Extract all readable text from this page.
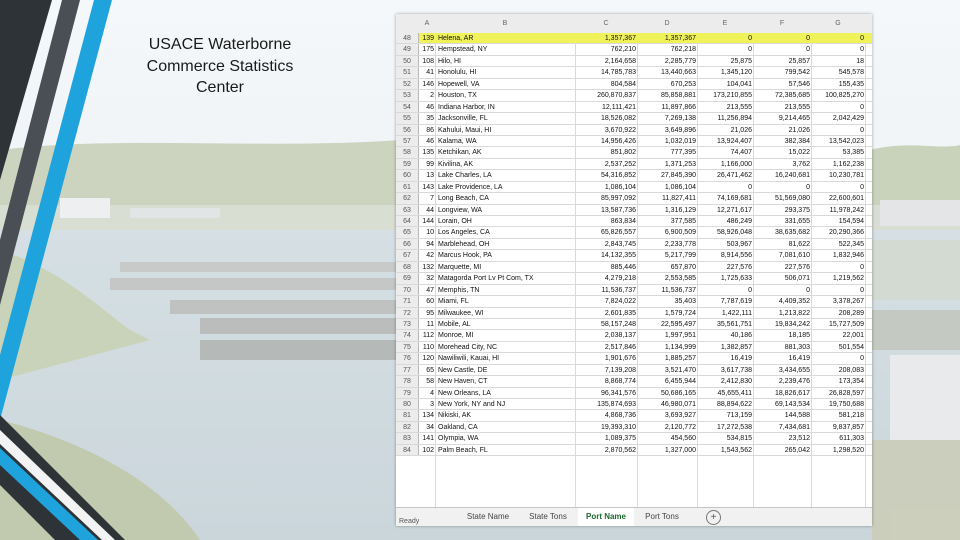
USACE Waterborne
Commerce Statistics
Center
A	B	C	D	E	F	G
48	139 Helena, AR	1,357,367	1,357,367	0	0	0
49	175 Hempstead, NY	762,210	762,218	0	0	0
50	108 Hilo, HI	2,164,658	2,285,779	25,875	25,857	18
51	41 Honolulu, HI	14,785,783	13,440,663	1,345,120	799,542	545,578
52	146 Hopewell, VA	804,584	670,253	104,041	57,546	155,435
53	2 Houston, TX	260,870,837	85,858,881	173,210,855	72,385,685	100,825,270
54	46 Indiana Harbor, IN	12,111,421	11,897,866	213,555	213,555	0
55	35 Jacksonville, FL	18,526,082	7,269,138	11,256,894	9,214,465	2,042,429
56	86 Kahului, Maui, HI	3,670,922	3,649,896	21,026	21,026	0
57	46 Kalama, WA	14,956,426	1,032,019	13,924,407	382,384	13,542,023
58	135 Ketchikan, AK	851,802	777,395	74,407	15,022	53,385
59	99 Kivilina, AK	2,537,252	1,371,253	1,166,000	3,762	1,162,238
60	13 Lake Charles, LA	54,316,852	27,845,390	26,471,462	16,240,681	10,230,781
61	143 Lake Providence, LA	1,086,104	1,086,104	0	0	0
62	7 Long Beach, CA	85,997,092	11,827,411	74,169,681	51,569,080	22,600,601
63	44 Longview, WA	13,587,736	1,316,129	12,271,617	293,375	11,978,242
64	144 Lorain, OH	863,834	377,585	486,249	331,655	154,594
65	10 Los Angeles, CA	65,826,557	6,900,509	58,926,048	38,635,682	20,290,366
66	94 Marblehead, OH	2,843,745	2,233,778	503,967	81,622	522,345
67	42 Marcus Hook, PA	14,132,355	5,217,799	8,914,556	7,081,610	1,832,946
68	132 Marquette, MI	885,446	657,870	227,576	227,576	0
69	32 Matagorda Port Lv Pt Com, TX	4,279,218	2,553,585	1,725,633	506,071	1,219,562
70	47 Memphis, TN	11,536,737	11,536,737	0	0	0
71	60 Miami, FL	7,824,022	35,403	7,787,619	4,409,352	3,378,267
72	95 Milwaukee, WI	2,601,835	1,579,724	1,422,111	1,213,822	208,289
73	11 Mobile, AL	58,157,248	22,595,497	35,561,751	19,834,242	15,727,509
74	112 Monroe, MI	2,038,137	1,997,951	40,186	18,185	22,001
75	110 Morehead City, NC	2,517,846	1,134,999	1,382,857	881,303	501,554
76	120 Nawiliwili, Kauai, HI	1,901,676	1,885,257	16,419	16,419	0
77	65 New Castle, DE	7,139,208	3,521,470	3,617,738	3,434,655	208,083
78	58 New Haven, CT	8,868,774	6,455,944	2,412,830	2,239,476	173,354
79	4 New Orleans, LA	96,341,576	50,686,165	45,655,411	18,826,617	26,828,597
80	3 New York, NY and NJ	135,874,693	46,980,071	88,894,622	69,143,534	19,750,688
81	134 Nikiski, AK	4,868,736	3,693,927	713,159	144,588	581,218
82	34 Oakland, CA	19,393,310	2,120,772	17,272,538	7,434,681	9,837,857
83	141 Olympia, WA	1,089,375	454,560	534,815	23,512	611,303
84	102 Palm Beach, FL	2,870,562	1,327,000	1,543,562	265,042	1,298,520
State Name	State Tons	Port Name	Port Tons	+
Ready
